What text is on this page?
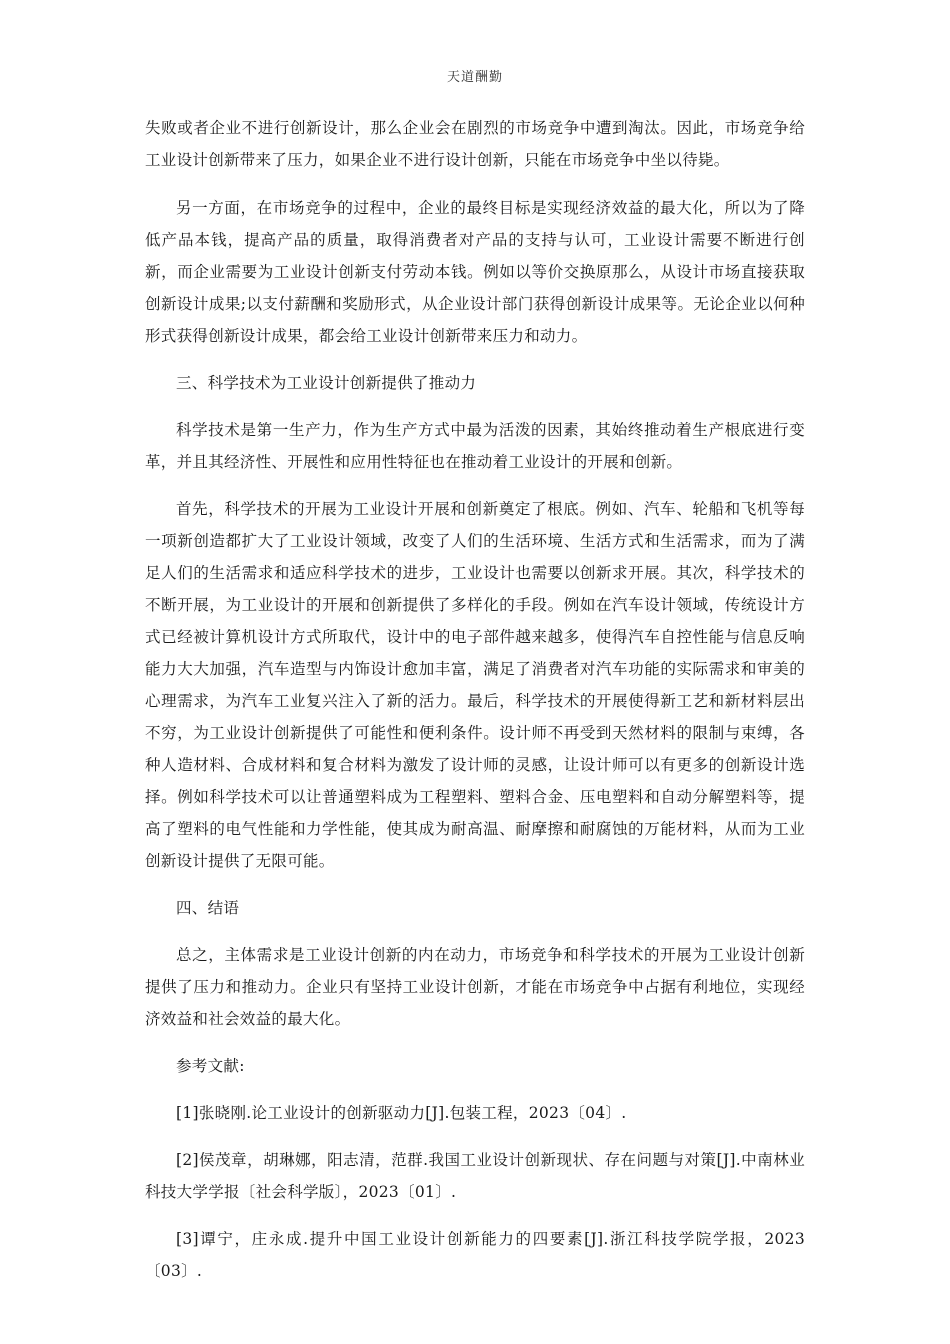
天道酬勤

失败或者企业不进行创新设计，那么企业会在剧烈的市场竞争中遭到淘汰。因此，市场竞争给工业设计创新带来了压力，如果企业不进行设计创新，只能在市场竞争中坐以待毙。

另一方面，在市场竞争的过程中，企业的最终目标是实现经济效益的最大化，所以为了降低产品本钱，提高产品的质量，取得消费者对产品的支持与认可，工业设计需要不断进行创新，而企业需要为工业设计创新支付劳动本钱。例如以等价交换原那么，从设计市场直接获取创新设计成果;以支付薪酬和奖励形式，从企业设计部门获得创新设计成果等。无论企业以何种形式获得创新设计成果，都会给工业设计创新带来压力和动力。

三、科学技术为工业设计创新提供了推动力

科学技术是第一生产力，作为生产方式中最为活泼的因素，其始终推动着生产根底进行变革，并且其经济性、开展性和应用性特征也在推动着工业设计的开展和创新。

首先，科学技术的开展为工业设计开展和创新奠定了根底。例如、汽车、轮船和飞机等每一项新创造都扩大了工业设计领域，改变了人们的生活环境、生活方式和生活需求，而为了满足人们的生活需求和适应科学技术的进步，工业设计也需要以创新求开展。其次，科学技术的不断开展，为工业设计的开展和创新提供了多样化的手段。例如在汽车设计领域，传统设计方式已经被计算机设计方式所取代，设计中的电子部件越来越多，使得汽车自控性能与信息反响能力大大加强，汽车造型与内饰设计愈加丰富，满足了消费者对汽车功能的实际需求和审美的心理需求，为汽车工业复兴注入了新的活力。最后，科学技术的开展使得新工艺和新材料层出不穷，为工业设计创新提供了可能性和便利条件。设计师不再受到天然材料的限制与束缚，各种人造材料、合成材料和复合材料为激发了设计师的灵感，让设计师可以有更多的创新设计选择。例如科学技术可以让普通塑料成为工程塑料、塑料合金、压电塑料和自动分解塑料等，提高了塑料的电气性能和力学性能，使其成为耐高温、耐摩擦和耐腐蚀的万能材料，从而为工业创新设计提供了无限可能。

四、结语

总之，主体需求是工业设计创新的内在动力，市场竞争和科学技术的开展为工业设计创新提供了压力和推动力。企业只有坚持工业设计创新，才能在市场竞争中占据有利地位，实现经济效益和社会效益的最大化。

参考文献:

[1]张晓刚.论工业设计的创新驱动力[J].包装工程，2023〔04〕.

[2]侯茂章，胡琳娜，阳志清，范群.我国工业设计创新现状、存在问题与对策[J].中南林业科技大学学报〔社会科学版〕，2023〔01〕.

[3]谭宁，庄永成.提升中国工业设计创新能力的四要素[J].浙江科技学院学报，2023〔03〕.
